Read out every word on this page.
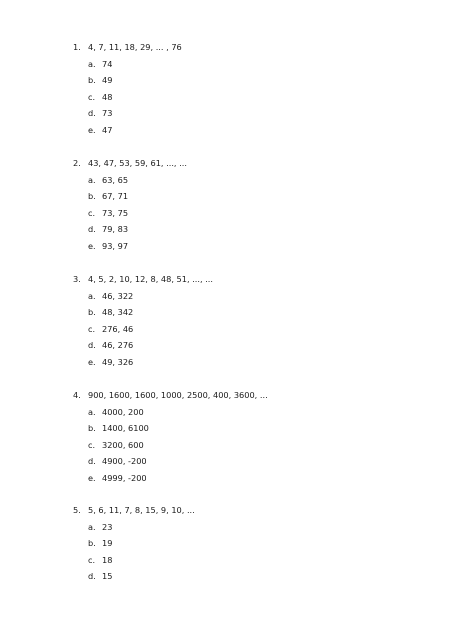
1. 4, 7, 11, 18, 29, ... , 76
a. 74
b. 49
c. 48
d. 73
e. 47
2. 43, 47, 53, 59, 61, ..., ...
a. 63, 65
b. 67, 71
c. 73, 75
d. 79, 83
e. 93, 97
3. 4, 5, 2, 10, 12, 8, 48, 51, ..., ...
a. 46, 322
b. 48, 342
c. 276, 46
d. 46, 276
e. 49, 326
4. 900, 1600, 1600, 1000, 2500, 400, 3600, ...
a. 4000, 200
b. 1400, 6100
c. 3200, 600
d. 4900, -200
e. 4999, -200
5. 5, 6, 11, 7, 8, 15, 9, 10, ...
a. 23
b. 19
c. 18
d. 15
